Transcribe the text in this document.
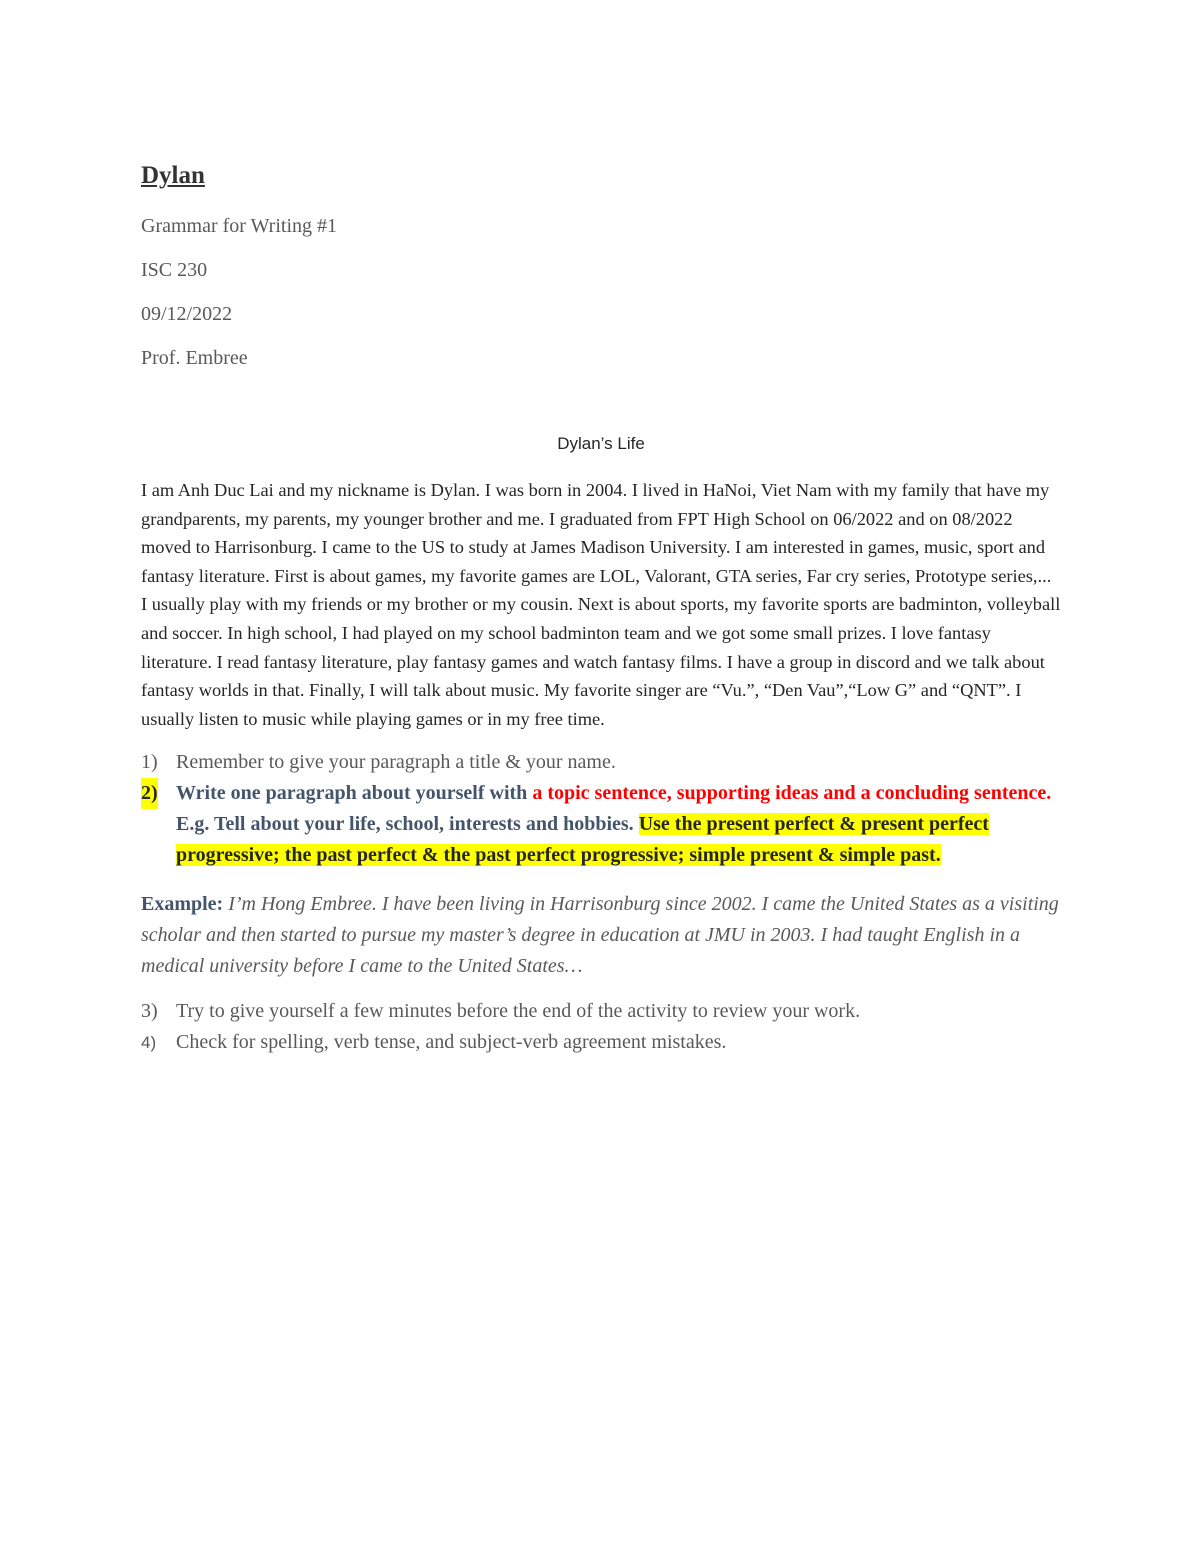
Dylan
Grammar for Writing #1
ISC 230
09/12/2022
Prof. Embree
Dylan’s Life
I am Anh Duc Lai and my nickname is Dylan. I was born in 2004. I lived in HaNoi, Viet Nam with my family that have my grandparents, my parents, my younger brother and me. I graduated from FPT High School on 06/2022 and on 08/2022 moved to Harrisonburg. I came to the US to study at James Madison University. I am interested in games, music, sport and fantasy literature. First is about games, my favorite games are LOL, Valorant, GTA series, Far cry series, Prototype series,... I usually play with my friends or my brother or my cousin. Next is about sports, my favorite sports are badminton, volleyball and soccer. In high school, I had played on my school badminton team and we got some small prizes. I love fantasy literature. I read fantasy literature, play fantasy games and watch fantasy films. I have a group in discord and we talk about fantasy worlds in that. Finally, I will talk about music. My favorite singer are “Vu.”, “Den Vau”,“Low G” and “QNT”. I usually listen to music while playing games or in my free time.
1) Remember to give your paragraph a title & your name.
2) Write one paragraph about yourself with a topic sentence, supporting ideas and a concluding sentence. E.g. Tell about your life, school, interests and hobbies. Use the present perfect & present perfect progressive; the past perfect & the past perfect progressive; simple present & simple past.
Example: I’m Hong Embree. I have been living in Harrisonburg since 2002. I came the United States as a visiting scholar and then started to pursue my master’s degree in education at JMU in 2003. I had taught English in a medical university before I came to the United States…
3) Try to give yourself a few minutes before the end of the activity to review your work.
4) Check for spelling, verb tense, and subject-verb agreement mistakes.
